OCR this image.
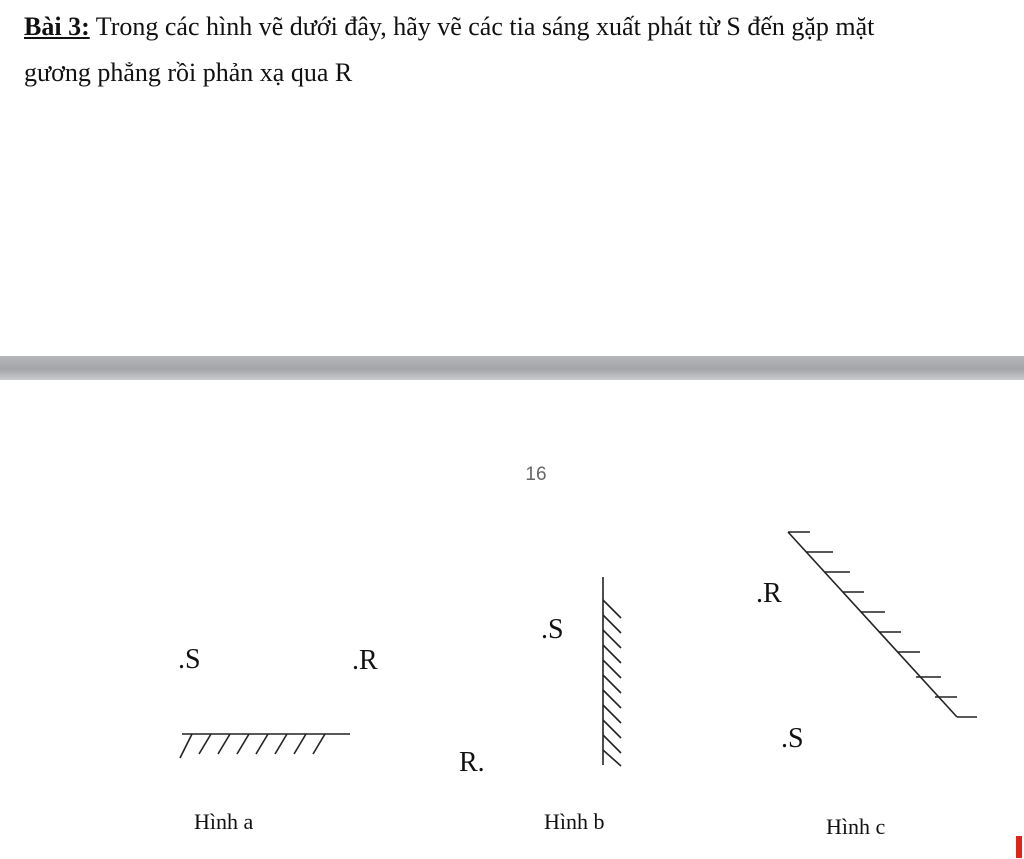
Bài 3: Trong các hình vẽ dưới đây, hãy vẽ các tia sáng xuất phát từ S đến gặp mặt
gương phẳng rồi phản xạ qua R
16
.S	.R
.S
R.
.R
.S
Hình a	Hình b	Hình c
